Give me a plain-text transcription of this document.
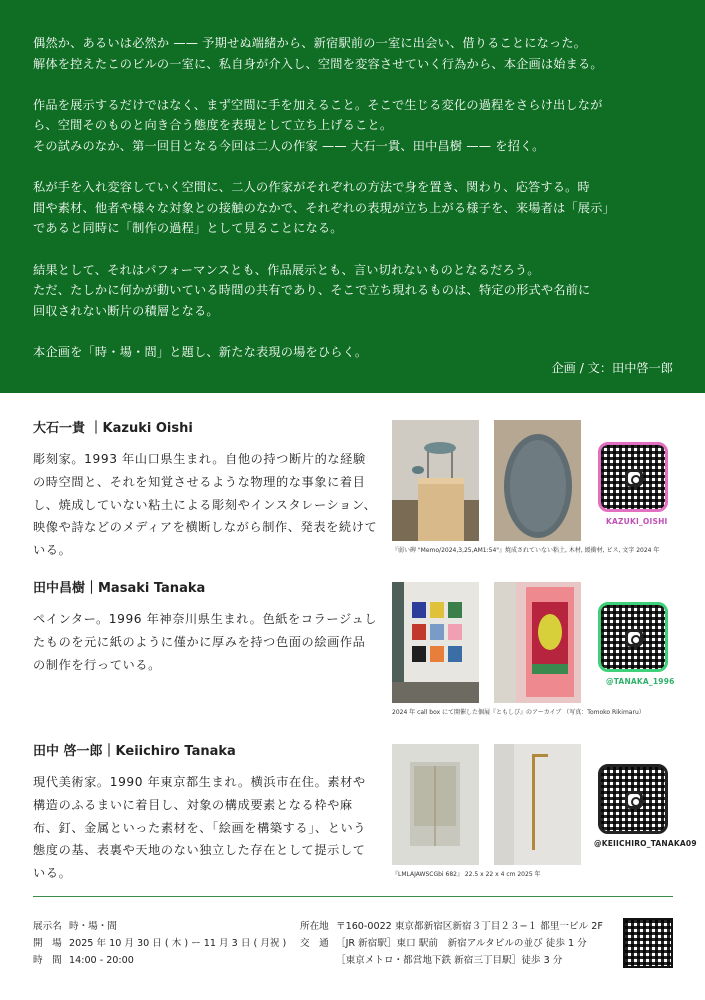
偶然か、あるいは必然か —— 予期せぬ端緒から、新宿駅前の一室に出会い、借りることになった。
解体を控えたこのビルの一室に、私自身が介入し、空間を変容させていく行為から、本企画は始まる。

作品を展示するだけではなく、まず空間に手を加えること。そこで生じる変化の過程をさらけ出しなが
ら、空間そのものと向き合う態度を表現として立ち上げること。
その試みのなか、第一回目となる今回は二人の作家 —— 大石一貴、田中昌樹 —— を招く。

私が手を入れ変容していく空間に、二人の作家がそれぞれの方法で身を置き、関わり、応答する。時
間や素材、他者や様々な対象との接触のなかで、それぞれの表現が立ち上がる様子を、来場者は「展示」
であると同時に「制作の過程」として見ることになる。

結果として、それはパフォーマンスとも、作品展示とも、言い切れないものとなるだろう。
ただ、たしかに何かが動いている時間の共有であり、そこで立ち現れるものは、特定の形式や名前に
回収されない断片の積層となる。

本企画を「時・場・間」と題し、新たな表現の場をひらく。

企画 / 文：田中啓一郎
大石一貴 ｜Kazuki Oishi
彫刻家。1993 年山口県生まれ。自他の持つ断片的な経験の時空間と、それを知覚させるような物理的な事象に着目し、焼成していない粘土による彫刻やインスタレーション、映像や詩などのメディアを横断しながら制作、発表を続けている。	『弱い碑 "Memo/2024,3,25,AM1:54"』焼成されていない粘土, 木材, 緩衝材, ビス, 文字 2024 年
KAZUKI_OISHI
田中昌樹｜Masaki Tanaka
ペインター。1996 年神奈川県生まれ。色紙をコラージュしたものを元に紙のように僅かに厚みを持つ色面の絵画作品の制作を行っている。
2024 年 call box にて開催した個展『ともしび』のアーカイブ （写真：Tomoko Rikimaru）
@TANAKA_1996
田中 啓一郎｜Keiichiro Tanaka
現代美術家。1990 年東京都生まれ。横浜市在住。素材や構造のふるまいに着目し、対象の構成要素となる枠や麻布、釘、金属といった素材を、「絵画を構築する」、という態度の基、表裏や天地のない独立した存在として提示している。	『LMLAJAWSCGbi 682』 22.5 x 22 x 4 cm 2025 年
@KEIICHIRO_TANAKA09
展示名 時・場・間
開　場 2025 年 10 月 30 日 ( 木 ) ー 11 月 3 日 ( 月祝 )
時　間 14:00 - 20:00
所在地 〒160-0022 東京都新宿区新宿３丁目２３−１ 都里一ビル 2F
交　通 ［JR 新宿駅］東口 駅前　新宿アルタビルの並び 徒歩 1 分
［東京メトロ・都営地下鉄 新宿三丁目駅］徒歩 3 分
